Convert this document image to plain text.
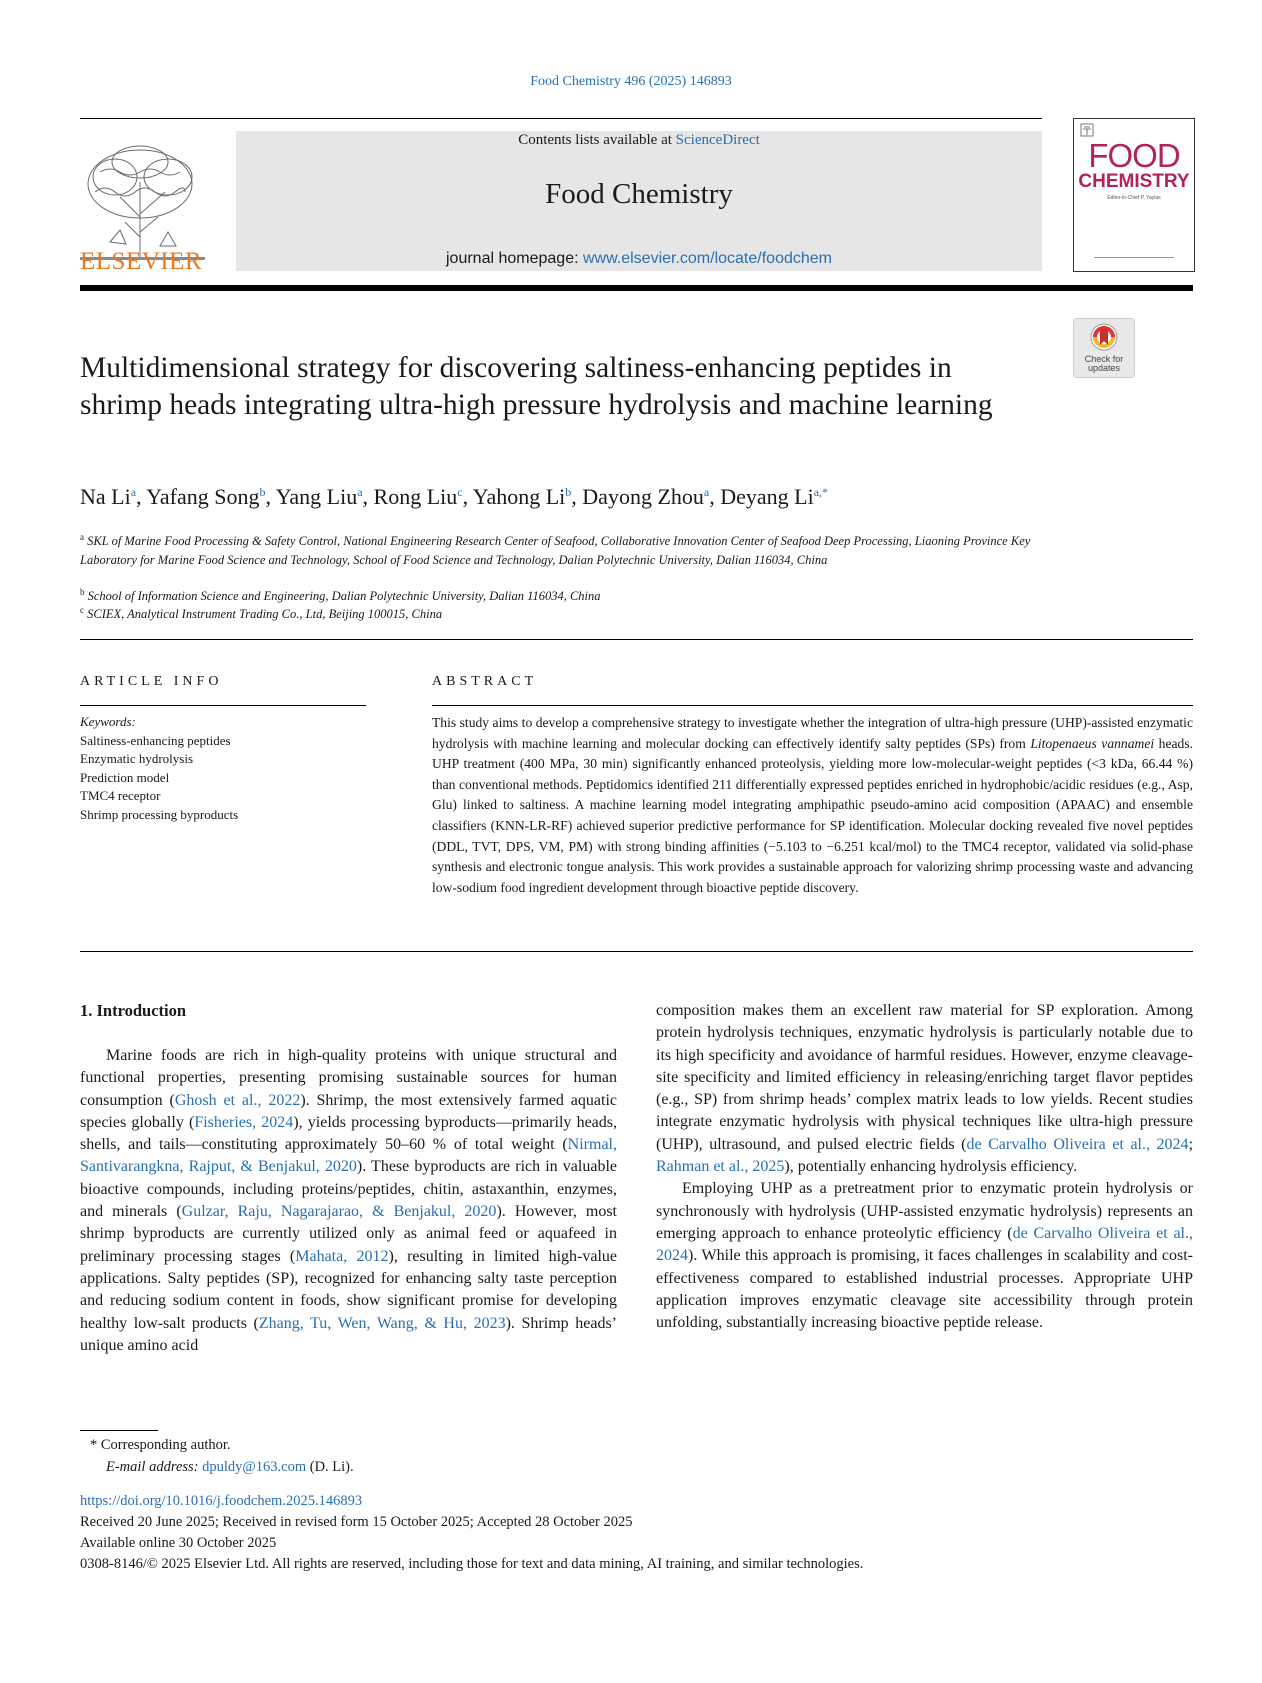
Food Chemistry 496 (2025) 146893
ELSEVIER
Contents lists available at ScienceDirect
Food Chemistry
journal homepage: www.elsevier.com/locate/foodchem
FOOD
CHEMISTRY
Editor-in-Chief P. Yaylas
Check for
updates
Multidimensional strategy for discovering saltiness-enhancing peptides in shrimp heads integrating ultra-high pressure hydrolysis and machine learning
Na Li$^a$, Yafang Song$^b$, Yang Liu$^a$, Rong Liu$^c$, Yahong Li$^b$, Dayong Zhou$^a$, Deyang $Li^{a,*}$
$^a$ SKL of Marine Food Processing & Safety Control, National Engineering Research Center of Seafood, Collaborative Innovation Center of Seafood Deep Processing, Liaoning Province Key Laboratory for Marine Food Science and Technology, School of Food Science and Technology, Dalian Polytechnic University, Dalian 116034, China
$^b$ School of Information Science and Engineering, Dalian Polytechnic University, Dalian 116034, China
$^c$ SCIEX, Analytical Instrument Trading Co., Ltd, Beijing 100015, China
ARTICLE INFO	ABSTRACT
Keywords:
Saltiness-enhancing peptides
Enzymatic hydrolysis
Prediction model
TMC4 receptor
Shrimp processing byproducts
This study aims to develop a comprehensive strategy to investigate whether the integration of ultra-high pressure (UHP)-assisted enzymatic hydrolysis with machine learning and molecular docking can effectively identify salty peptides (SPs) from Litopenaeus vannamei heads. UHP treatment (400 MPa, 30 min) significantly enhanced proteolysis, yielding more low-molecular-weight peptides (<3 kDa, 66.44 %) than conventional methods. Peptidomics identified 211 differentially expressed peptides enriched in hydrophobic/acidic residues (e.g., Asp, Glu) linked to saltiness. A machine learning model integrating amphipathic pseudo-amino acid composition (APAAC) and ensemble classifiers (KNN-LR-RF) achieved superior predictive performance for SP identification. Molecular docking revealed five novel peptides (DDL, TVT, DPS, VM, PM) with strong binding affinities (−5.103 to −6.251 kcal/mol) to the TMC4 receptor, validated via solid-phase synthesis and electronic tongue analysis. This work provides a sustainable approach for valorizing shrimp processing waste and advancing low-sodium food ingredient development through bioactive peptide discovery.
1. Introduction

Marine foods are rich in high-quality proteins with unique structural and functional properties, presenting promising sustainable sources for human consumption (Ghosh et al., 2022). Shrimp, the most extensively farmed aquatic species globally (Fisheries, 2024), yields processing byproducts—primarily heads, shells, and tails—constituting approximately 50–60 % of total weight (Nirmal, Santivarangkna, Rajput, & Benjakul, 2020). These byproducts are rich in valuable bioactive compounds, including proteins/peptides, chitin, astaxanthin, enzymes, and minerals (Gulzar, Raju, Nagarajarao, & Benjakul, 2020). However, most shrimp byproducts are currently utilized only as animal feed or aquafeed in preliminary processing stages (Mahata, 2012), resulting in limited high-value applications. Salty peptides (SP), recognized for enhancing salty taste perception and reducing sodium content in foods, show significant promise for developing healthy low-salt products (Zhang, Tu, Wen, Wang, & Hu, 2023). Shrimp heads’ unique amino acid

composition makes them an excellent raw material for SP exploration. Among protein hydrolysis techniques, enzymatic hydrolysis is particularly notable due to its high specificity and avoidance of harmful residues. However, enzyme cleavage-site specificity and limited efficiency in releasing/enriching target flavor peptides (e.g., SP) from shrimp heads’ complex matrix leads to low yields. Recent studies integrate enzymatic hydrolysis with physical techniques like ultra-high pressure (UHP), ultrasound, and pulsed electric fields (de Carvalho Oliveira et al., 2024; Rahman et al., 2025), potentially enhancing hydrolysis efficiency.

Employing UHP as a pretreatment prior to enzymatic protein hydrolysis or synchronously with hydrolysis (UHP-assisted enzymatic hydrolysis) represents an emerging approach to enhance proteolytic efficiency (de Carvalho Oliveira et al., 2024). While this approach is promising, it faces challenges in scalability and cost-effectiveness compared to established industrial processes. Appropriate UHP application improves enzymatic cleavage site accessibility through protein unfolding, substantially increasing bioactive peptide release.

* Corresponding author.
E-mail address: dpuldy@163.com (D. Li).
https://doi.org/10.1016/j.foodchem.2025.146893
Received 20 June 2025; Received in revised form 15 October 2025; Accepted 28 October 2025
Available online 30 October 2025
0308-8146/© 2025 Elsevier Ltd. All rights are reserved, including those for text and data mining, AI training, and similar technologies.
